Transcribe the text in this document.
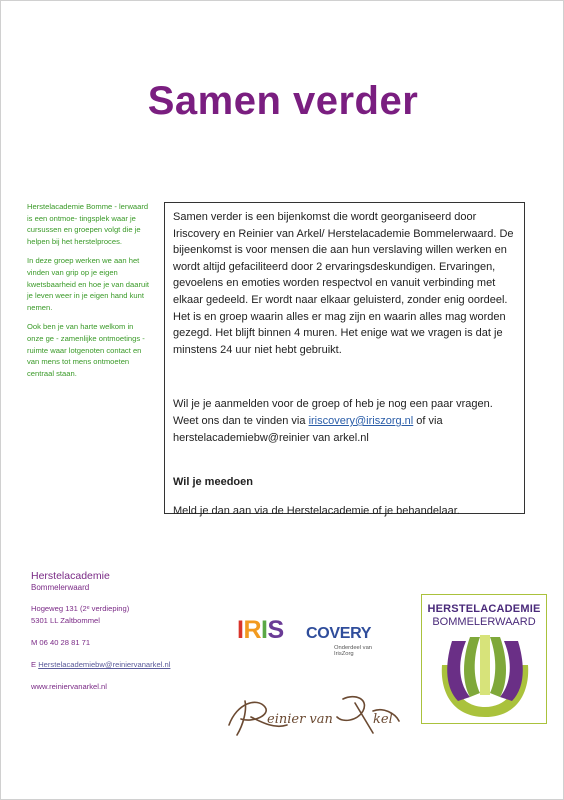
Samen verder

Herstelacademie Bomme - lerwaard is een ontmoe- tingsplek waar je cursussen en groepen volgt die je helpen bij het herstelproces.

In deze groep werken we aan het vinden van grip op je eigen kwetsbaarheid en hoe je van daaruit je leven weer in je eigen hand kunt nemen.

Ook ben je van harte welkom in onze ge - zamenlijke ontmoetings - ruimte waar lotgenoten contact en van mens tot mens ontmoeten centraal staan.

Samen verder is een bijenkomst die wordt georganiseerd door Iriscovery en Reinier van Arkel/ Herstelacademie Bommelerwaard. De bijeenkomst is voor mensen die aan hun verslaving willen werken en wordt altijd gefaciliteerd door 2 ervaringsdeskundigen. Ervaringen, gevoelens en emoties worden respectvol en vanuit verbinding met elkaar gedeeld. Er wordt naar elkaar geluisterd, zonder enig oordeel. Het is en groep waarin alles er mag zijn en waarin alles mag worden gezegd. Het blijft binnen 4 muren. Het enige wat we vragen is dat je minstens 24 uur niet hebt gebruikt.

Wil je je aanmelden voor de groep of heb je nog een paar vragen. Weet ons dan te vinden via iriscovery@iriszorg.nl of via herstelacademiebw@reinier van arkel.nl

Wil je meedoen

Meld je dan aan via de Herstelacademie of je behandelaar.

Herstelacademie
Bommelerwaard
Hogeweg 131 (2ᵉ verdieping)
5301 LL Zaltbommel
M 06 40 28 81 71
E Herstelacademiebw@reiniervanarkel.nl
www.reiniervanarkel.nl
IRIS COVERY
Onderdeel van IrisZorg
einier van	kel
HERSTELACADEMIE
BOMMELERWAARD
